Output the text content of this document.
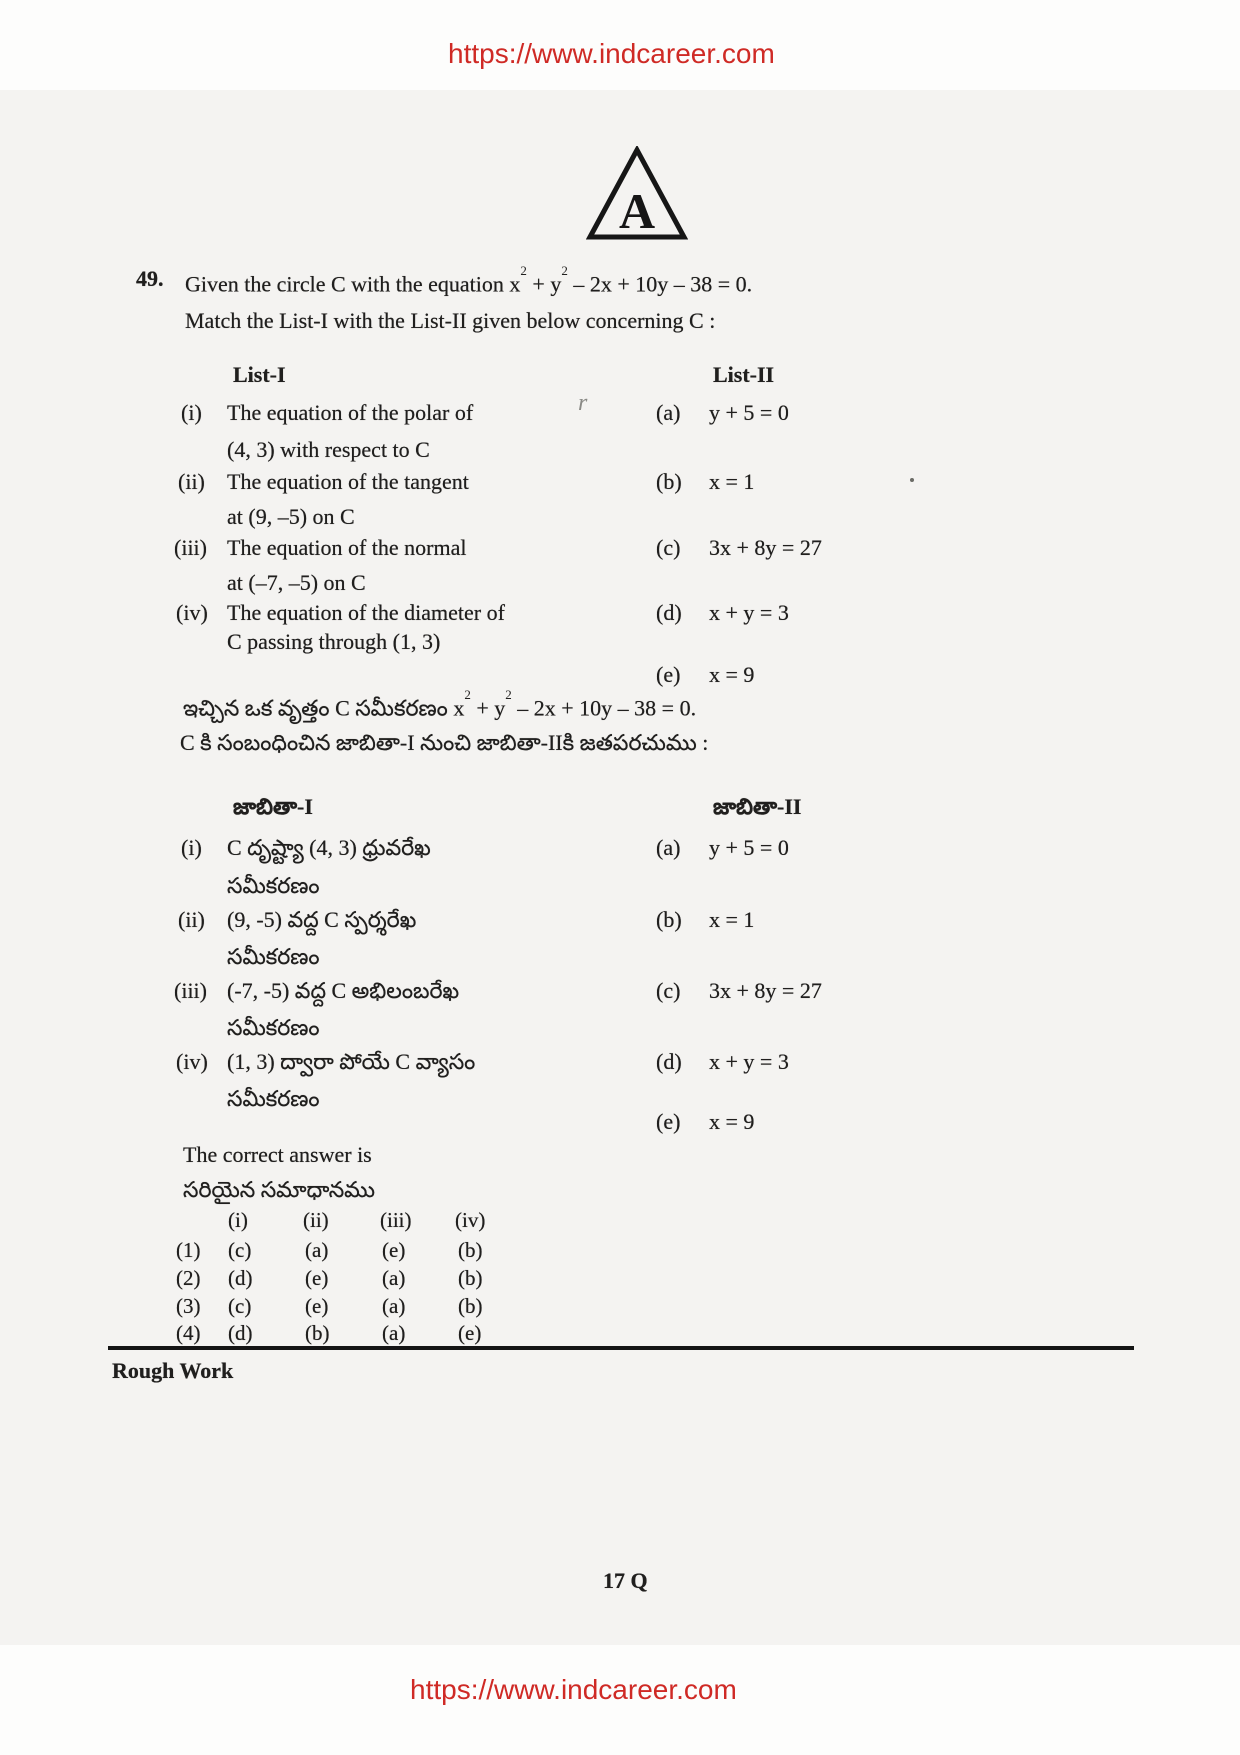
https://www.indcareer.com
A
49. Given the circle C with the equation $x^2 + y^2 - 2x + 10y - 38 = 0$.
Match the List-I with the List-II given below concerning C :
List-I	List-II
(i) The equation of the polar of	r	(a) y + 5 = 0
(4, 3) with respect to C
(ii) The equation of the tangent	(b) x = 1
at (9, –5) on C
(iii) The equation of the normal	(c) 3x + 8y = 27
at (–7, –5) on C
(iv) The equation of the diameter of	(d) x + y = 3
C passing through (1, 3)
(e) x = 9
ఇచ్చిన ఒక వృత్తం C సమీకరణం $x^2 + y^2 - 2x + 10y - 38 = 0$.
C కి సంబంధించిన జాబితా-I నుంచి జాబితా-IIకి జతపరచుము :
జాబితా-I	జాబితా-II
(i) C దృష్ట్యా (4, 3) ధ్రువరేఖ	(a) y + 5 = 0
సమీకరణం
(ii) (9, -5) వద్ద C స్పర్శరేఖ	(b) x = 1
సమీకరణం
(iii) (-7, -5) వద్ద C అభిలంబరేఖ	(c) 3x + 8y = 27
సమీకరణం
(iv) (1, 3) ద్వారా పోయే C వ్యాసం	(d) x + y = 3
సమీకరణం
(e) x = 9
The correct answer is
సరియైన సమాధానము
(i)	(ii) (iii) (iv)
(1) (c)	(a)	(e)	(b)
(2) (d)	(e)	(a)	(b)
(3) (c)	(e)	(a)	(b)
(4) (d)	(b)	(a)	(e)
Rough Work
17 Q
https://www.indcareer.com
